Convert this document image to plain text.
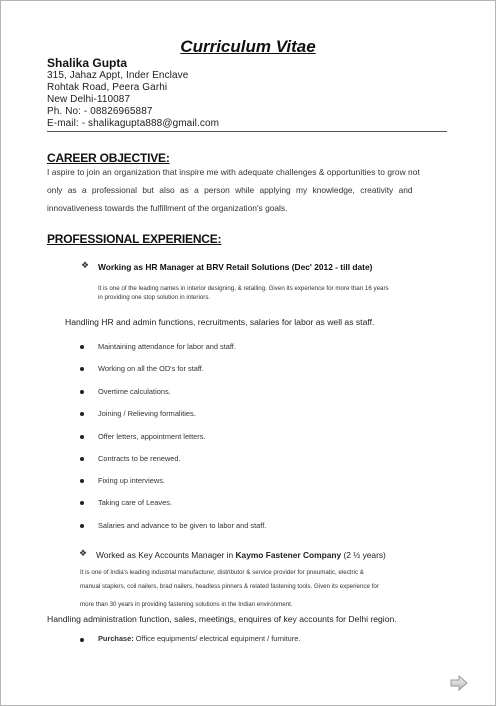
Curriculum Vitae
Shalika Gupta
315, Jahaz Appt, Inder Enclave
Rohtak Road, Peera Garhi
New Delhi-110087
Ph. No: - 08826965887
E-mail: - shalikagupta888@gmail.com
CAREER OBJECTIVE:
I aspire to join an organization that inspire me with adequate challenges & opportunities to grow not
only as a professional but also as a person while applying my knowledge, creativity and
innovativeness towards the fulfillment of the organization's goals.
PROFESSIONAL EXPERIENCE:
❖ Working as HR Manager at BRV Retail Solutions (Dec' 2012 - till date)
It is one of the leading names in interior designing, & retailing. Given its experience for more than 16 years
in providing one stop solution in interiors.
Handling HR and admin functions, recruitments, salaries for labor as well as staff.
Maintaining attendance for labor and staff.
Working on all the OD's for staff.
Overtime calculations.
Joining / Relieving formalities.
Offer letters, appointment letters.
Contracts to be renewed.
Fixing up interviews.
Taking care of Leaves.
Salaries and advance to be given to labor and staff.
❖ Worked as Key Accounts Manager in Kaymo Fastener Company (2 ½ years)
It is one of India's leading industrial manufacturer, distributor & service provider for pneumatic, electric &
manual staplers, coil nailers, brad nailers, headless pinners & related fastening tools. Given its experience for
more than 30 years in providing fastening solutions in the Indian environment.
Handling administration function, sales, meetings, enquires of key accounts for Delhi region.
Purchase: Office equipments/ electrical equipment / furniture.
